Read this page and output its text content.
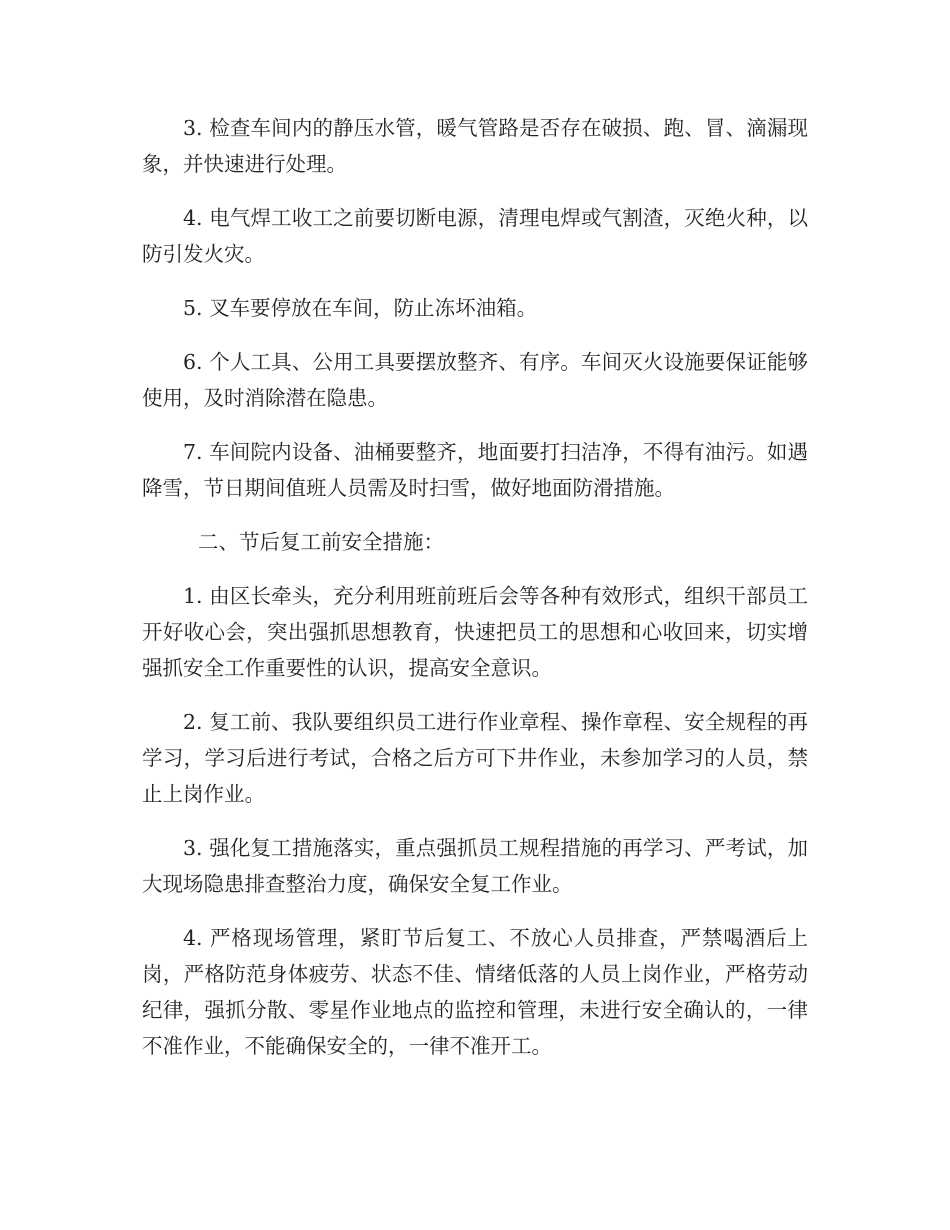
3. 检查车间内的静压水管，暖气管路是否存在破损、跑、冒、滴漏现象，并快速进行处理。

4. 电气焊工收工之前要切断电源，清理电焊或气割渣，灭绝火种，以防引发火灾。

5. 叉车要停放在车间，防止冻坏油箱。

6. 个人工具、公用工具要摆放整齐、有序。车间灭火设施要保证能够使用，及时消除潜在隐患。

7. 车间院内设备、油桶要整齐，地面要打扫洁净，不得有油污。如遇降雪，节日期间值班人员需及时扫雪，做好地面防滑措施。

二、节后复工前安全措施：

1. 由区长牵头，充分利用班前班后会等各种有效形式，组织干部员工开好收心会，突出强抓思想教育，快速把员工的思想和心收回来，切实增强抓安全工作重要性的认识，提高安全意识。

2. 复工前、我队要组织员工进行作业章程、操作章程、安全规程的再学习，学习后进行考试，合格之后方可下井作业，未参加学习的人员，禁止上岗作业。

3. 强化复工措施落实，重点强抓员工规程措施的再学习、严考试，加大现场隐患排查整治力度，确保安全复工作业。

4. 严格现场管理，紧盯节后复工、不放心人员排查，严禁喝酒后上岗，严格防范身体疲劳、状态不佳、情绪低落的人员上岗作业，严格劳动纪律，强抓分散、零星作业地点的监控和管理，未进行安全确认的，一律不准作业，不能确保安全的，一律不准开工。
